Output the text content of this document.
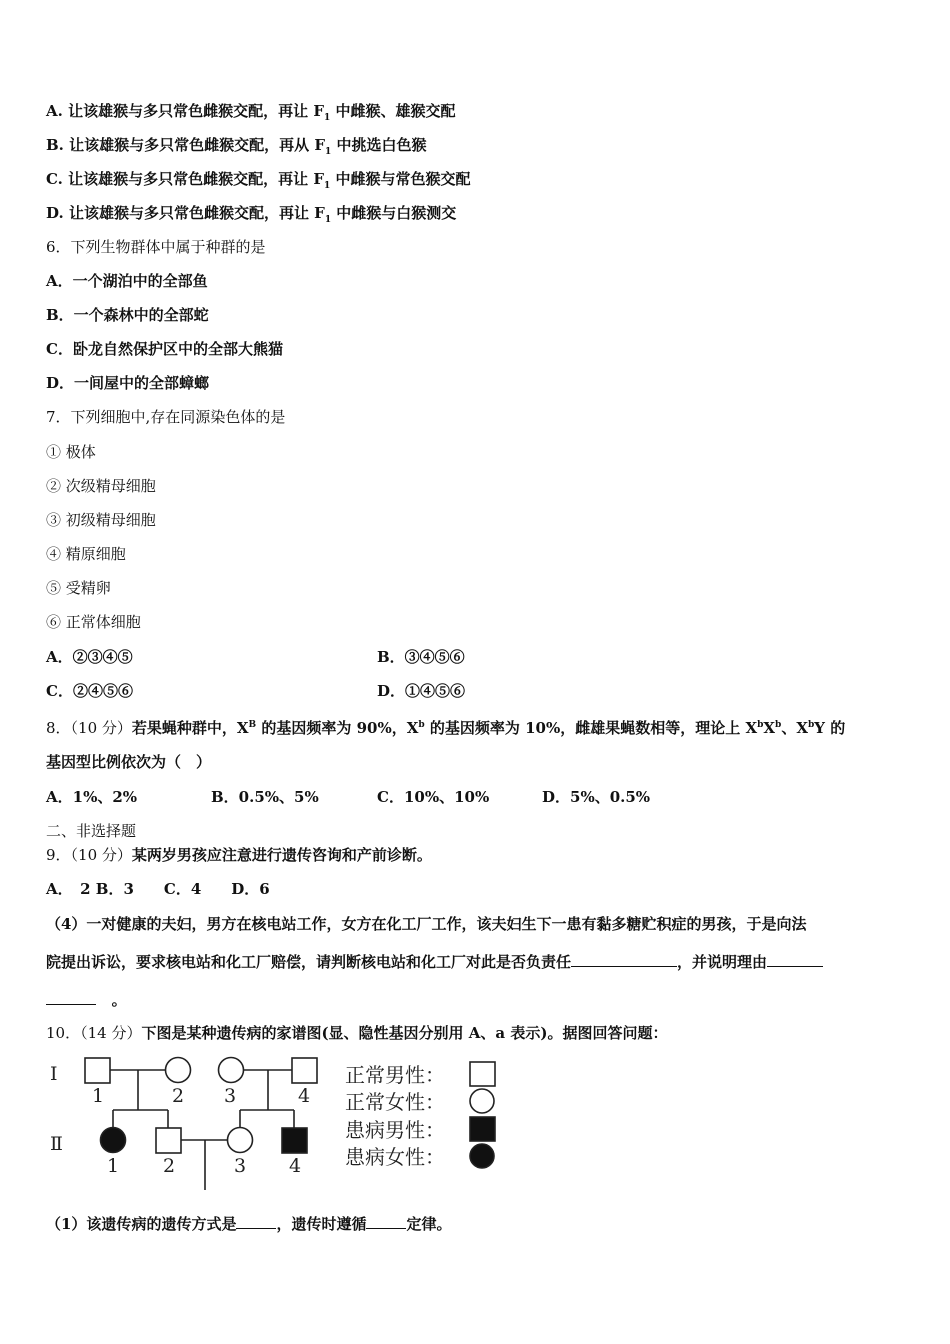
A. 让该雄猴与多只常色雌猴交配，再让 $F_1$ 中雌猴、雄猴交配
B. 让该雄猴与多只常色雌猴交配，再从 $F_1$ 中挑选白色猴
C. 让该雄猴与多只常色雌猴交配，再让 $F_1$ 中雌猴与常色猴交配
D. 让该雄猴与多只常色雌猴交配，再让 $F_1$ 中雌猴与白猴测交
6．下列生物群体中属于种群的是
A．一个湖泊中的全部鱼
B．一个森林中的全部蛇
C．卧龙自然保护区中的全部大熊猫
D．一间屋中的全部蟑螂
7．下列细胞中,存在同源染色体的是
① 极体
② 次级精母细胞
③ 初级精母细胞
④ 精原细胞
⑤ 受精卵
⑥ 正常体细胞
A．②③④⑤	B．③④⑤⑥
C．②④⑤⑥	D．①④⑤⑥
8．（10 分）若果蝇种群中，$X^B$ 的基因频率为 90%，$X^b$ 的基因频率为 10%，雌雄果蝇数相等，理论上 $X^bX^b$、$X^bY$ 的
基因型比例依次为（　）
A．1%、2%	B．0.5%、5%	C．10%、10%	D．5%、0.5%
二、非选择题
9．（10 分）某两岁男孩应注意进行遗传咨询和产前诊断。
A．　2 B．3　　C．4　　D．6
（4）一对健康的夫妇，男方在核电站工作，女方在化工厂工作，该夫妇生下一患有黏多糖贮积症的男孩，于是向法
院提出诉讼，要求核电站和化工厂赔偿，请判断核电站和化工厂对此是否负责任	，并说明理由
。
10．（14 分）下图是某种遗传病的家谱图(显、隐性基因分别用 A、a 表示)。据图回答问题：
Ⅰ
Ⅱ
1	2 3	4
1 2	3 4
正常男性：
正常女性：
患病男性：
患病女性：
（1）该遗传病的遗传方式是	，遗传时遵循	定律。
